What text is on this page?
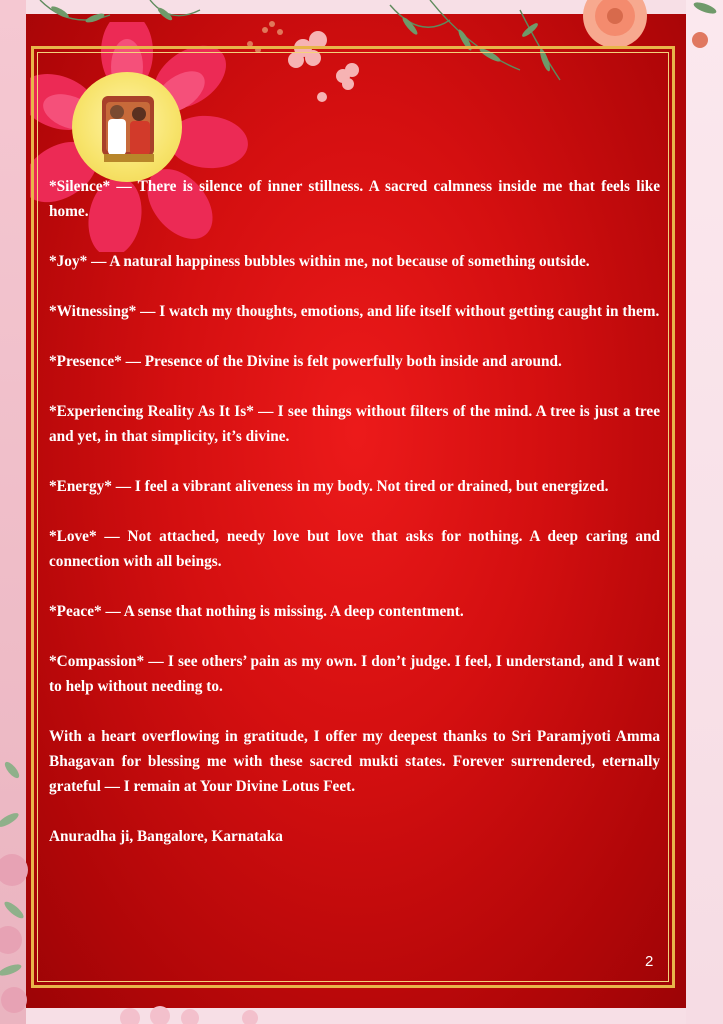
*Silence* — There is silence of inner stillness. A sacred calmness inside me that feels like home.

*Joy* — A natural happiness bubbles within me, not because of something outside.

*Witnessing* — I watch my thoughts, emotions, and life itself without getting caught in them.

*Presence* — Presence of the Divine is felt powerfully both inside and around.

*Experiencing Reality As It Is* — I see things without filters of the mind. A tree is just a tree and yet, in that simplicity, it’s divine.

*Energy* — I feel a vibrant aliveness in my body. Not tired or drained, but energized.

*Love* — Not attached, needy love but love that asks for nothing. A deep caring and connection with all beings.

*Peace* — A sense that nothing is missing. A deep contentment.

*Compassion* — I see others’ pain as my own. I don’t judge. I feel, I understand, and I want to help without needing to.

With a heart overflowing in gratitude, I offer my deepest thanks to Sri Paramjyoti Amma Bhagavan for blessing me with these sacred mukti states. Forever surrendered, eternally grateful — I remain at Your Divine Lotus Feet.

Anuradha ji, Bangalore, Karnataka

2
